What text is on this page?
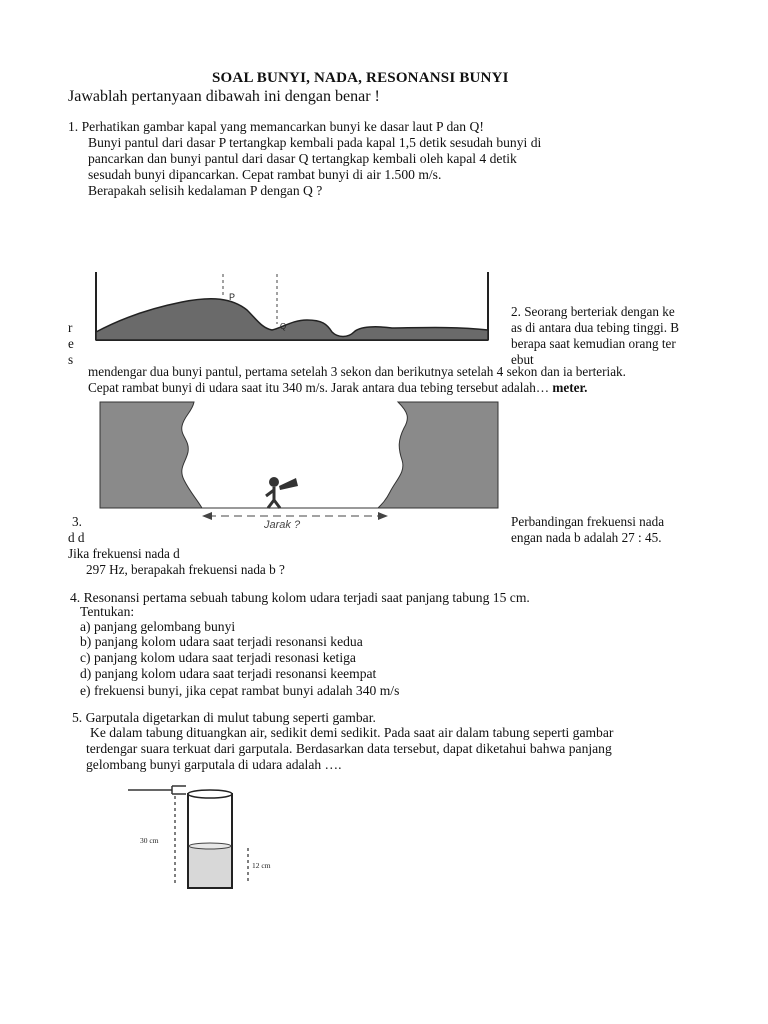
SOAL BUNYI, NADA, RESONANSI BUNYI
Jawablah pertanyaan dibawah ini dengan benar !
1. Perhatikan gambar kapal yang memancarkan bunyi ke dasar laut P dan Q!
Bunyi pantul dari dasar P tertangkap kembali pada kapal 1,5 detik sesudah bunyi di
pancarkan dan bunyi pantul dari dasar Q tertangkap kembali oleh kapal 4 detik
sesudah bunyi dipancarkan. Cepat rambat bunyi di air 1.500 m/s.
Berapakah selisih kedalaman P dengan Q ?
P
Q
2. Seorang berteriak dengan ke
as di antara dua tebing tinggi. B
berapa saat kemudian orang ter
ebut
r
e
s
mendengar dua bunyi pantul, pertama setelah 3 sekon dan berikutnya setelah 4 sekon dan ia berteriak.
Cepat rambat bunyi di udara saat itu 340 m/s. Jarak antara dua tebing tersebut adalah… meter.
Jarak ?
3.
d d
Perbandingan frekuensi nada
engan nada b adalah 27 : 45.
Jika frekuensi nada d
297 Hz, berapakah frekuensi nada b ?
4. Resonansi pertama sebuah tabung kolom udara terjadi saat panjang tabung 15 cm.
Tentukan:
a) panjang gelombang bunyi
b) panjang kolom udara saat terjadi resonansi kedua
c) panjang kolom udara saat terjadi resonasi ketiga
d) panjang kolom udara saat terjadi resonansi keempat
e) frekuensi bunyi, jika cepat rambat bunyi adalah 340 m/s
5. Garputala digetarkan di mulut tabung seperti gambar.
Ke dalam tabung dituangkan air, sedikit demi sedikit. Pada saat air dalam tabung seperti gambar
terdengar suara terkuat dari garputala. Berdasarkan data tersebut, dapat diketahui bahwa panjang
gelombang bunyi garputala di udara adalah ….
30 cm
12 cm
